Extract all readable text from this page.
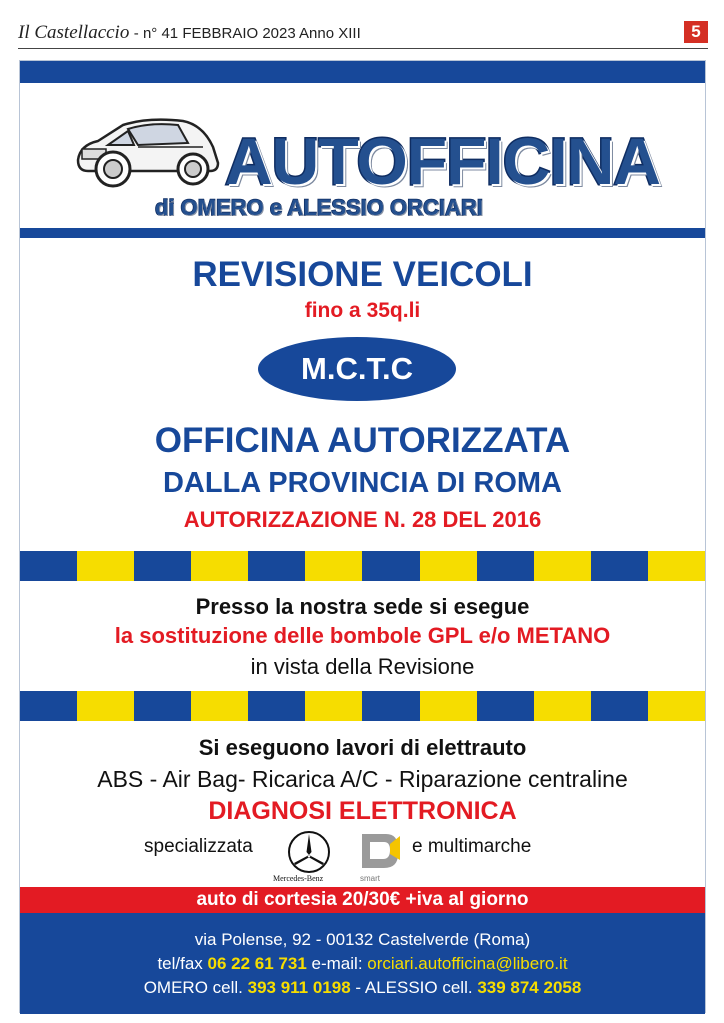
Il Castellaccio - n° 41 FEBBRAIO 2023 Anno XIII	5
AUTOFFICINA
di OMERO e ALESSIO ORCIARI
REVISIONE VEICOLI
fino a 35q.li
M.C.T.C
OFFICINA AUTORIZZATA
DALLA PROVINCIA DI ROMA
AUTORIZZAZIONE N. 28 DEL 2016
Presso la nostra sede si esegue
la sostituzione delle bombole GPL e/o METANO
in vista della Revisione
Si eseguono lavori di elettrauto
ABS - Air Bag- Ricarica A/C - Riparazione centraline
DIAGNOSI ELETTRONICA
specializzata
Mercedes-Benz	smart
e multimarche
auto di cortesia 20/30€ +iva al giorno
via Polense, 92 - 00132 Castelverde (Roma)
tel/fax 06 22 61 731 e-mail: orciari.autofficina@libero.it
OMERO cell. 393 911 0198 - ALESSIO cell. 339 874 2058
